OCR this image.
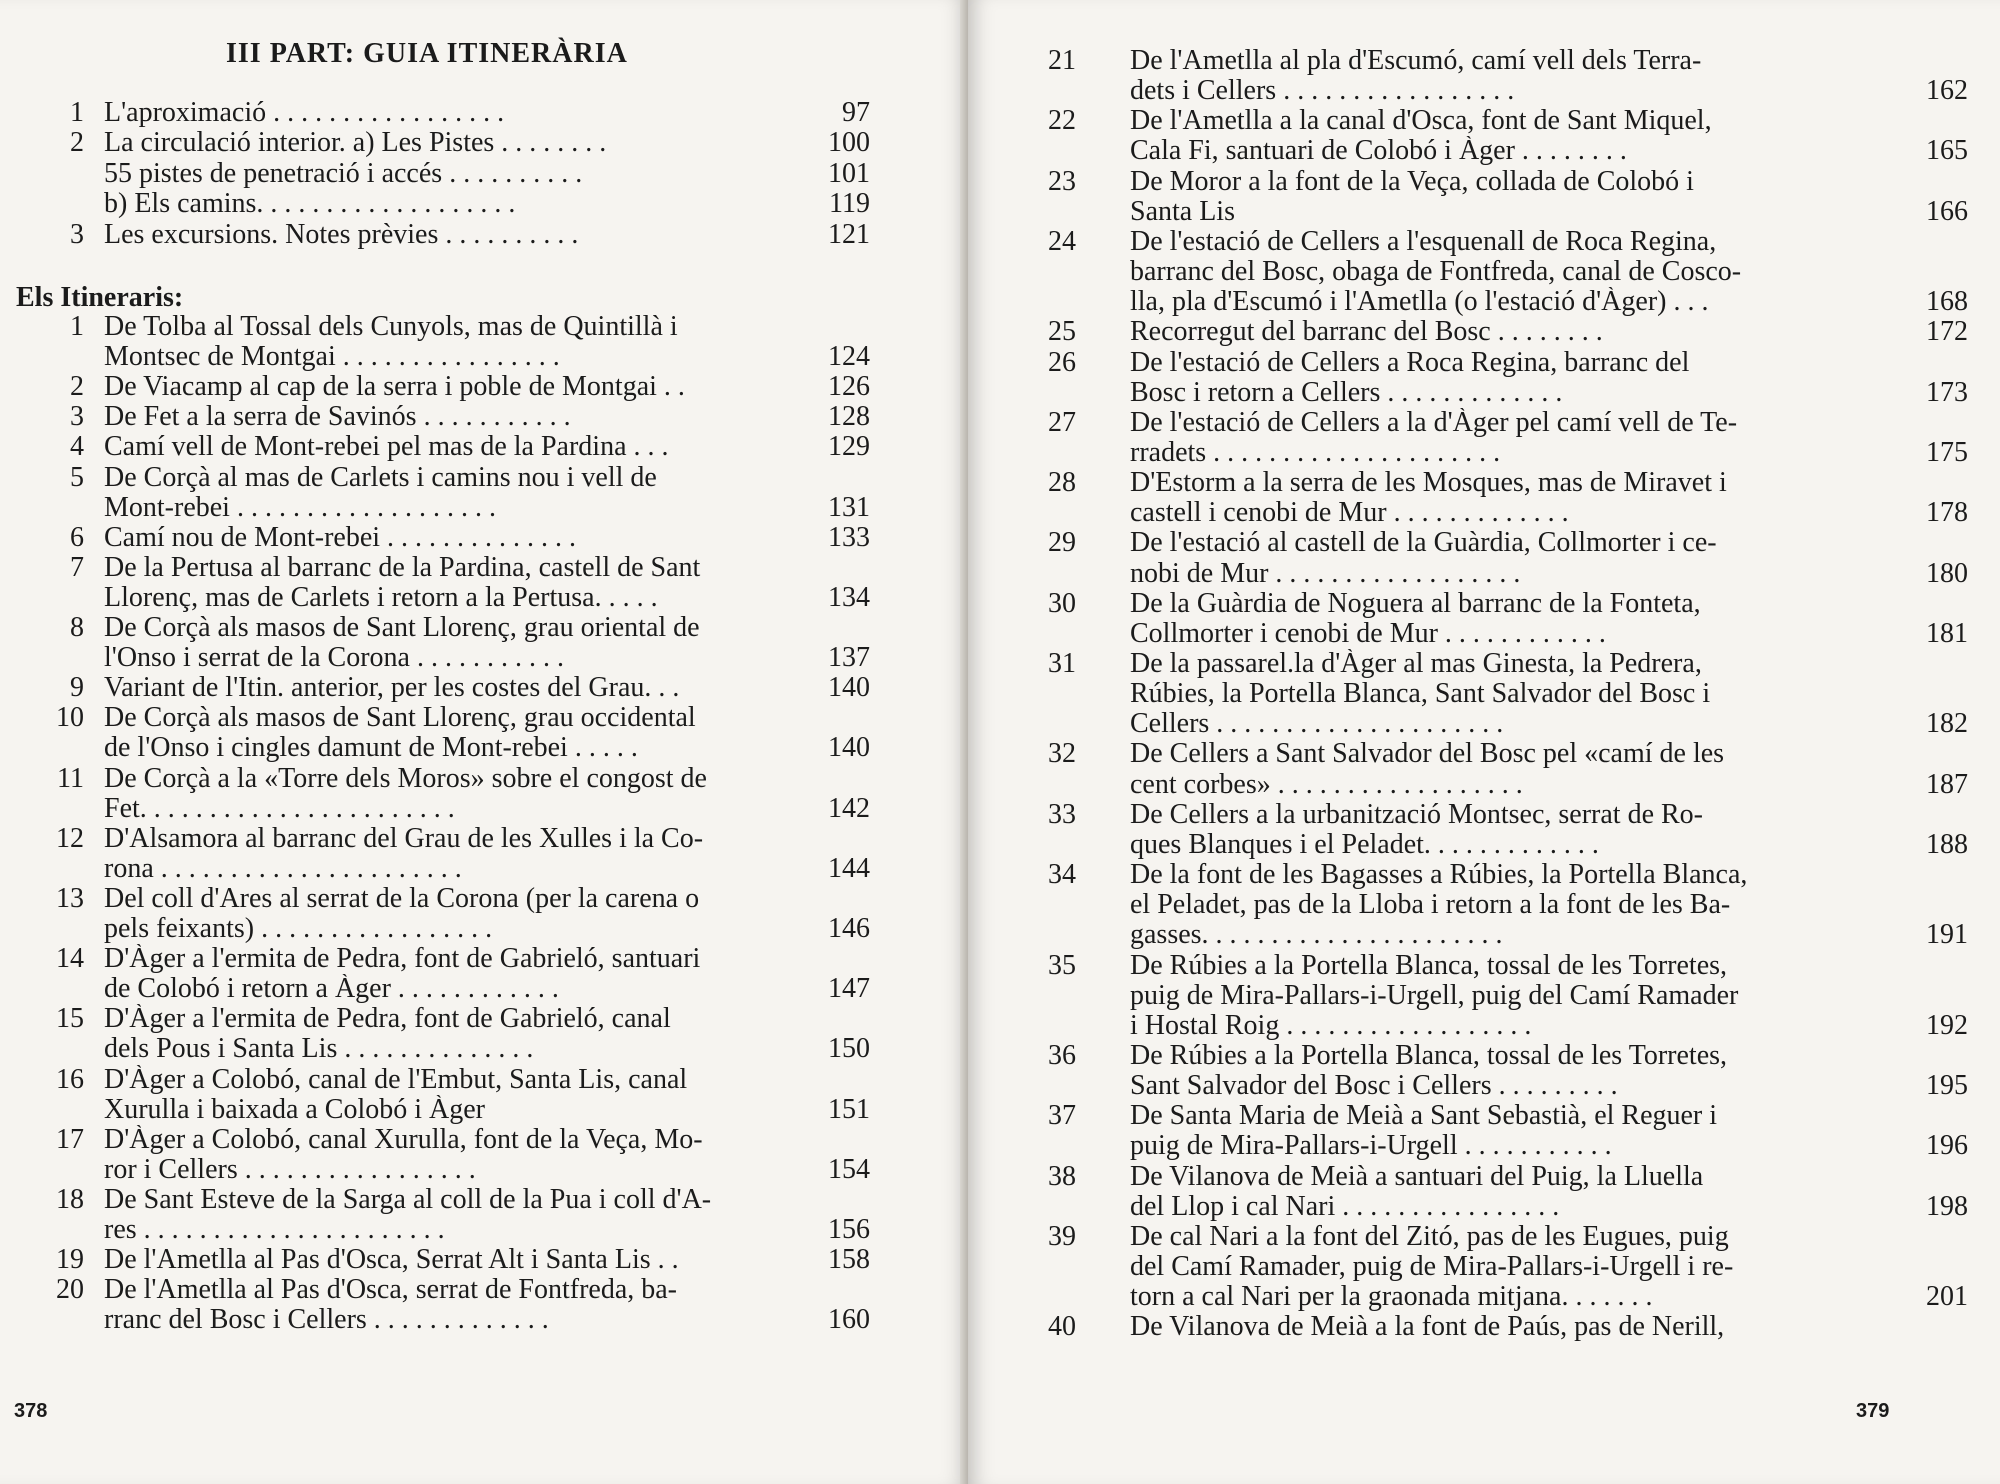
III PART: GUIA ITINERÀRIA
1 L'aproximació . . . . . . . . . . . . . . . . .	97
2 La circulació interior. a) Les Pistes . . . . . . . .	100
55 pistes de penetració i accés . . . . . . . . . .	101
b) Els camins. . . . . . . . . . . . . . . . . . .	119
3 Les excursions. Notes prèvies . . . . . . . . . .	121
Els Itineraris:
1 De Tolba al Tossal dels Cunyols, mas de Quintillà i
Montsec de Montgai . . . . . . . . . . . . . . . .	124
2 De Viacamp al cap de la serra i poble de Montgai . .	126
3 De Fet a la serra de Savinós . . . . . . . . . . .	128
4 Camí vell de Mont-rebei pel mas de la Pardina . . .	129
5 De Corçà al mas de Carlets i camins nou i vell de
Mont-rebei . . . . . . . . . . . . . . . . . . .	131
6 Camí nou de Mont-rebei . . . . . . . . . . . . . .	133
7 De la Pertusa al barranc de la Pardina, castell de Sant
Llorenç, mas de Carlets i retorn a la Pertusa. . . . .	134
8 De Corçà als masos de Sant Llorenç, grau oriental de
l'Onso i serrat de la Corona . . . . . . . . . . .	137
9 Variant de l'Itin. anterior, per les costes del Grau. . .	140
10 De Corçà als masos de Sant Llorenç, grau occidental
de l'Onso i cingles damunt de Mont-rebei . . . . .	140
11 De Corçà a la «Torre dels Moros» sobre el congost de
Fet. . . . . . . . . . . . . . . . . . . . . . .	142
12 D'Alsamora al barranc del Grau de les Xulles i la Co-
rona . . . . . . . . . . . . . . . . . . . . . .	144
13 Del coll d'Ares al serrat de la Corona (per la carena o
pels feixants) . . . . . . . . . . . . . . . . .	146
14 D'Àger a l'ermita de Pedra, font de Gabrieló, santuari
de Colobó i retorn a Àger . . . . . . . . . . . .	147
15 D'Àger a l'ermita de Pedra, font de Gabrieló, canal
dels Pous i Santa Lis . . . . . . . . . . . . . .	150
16 D'Àger a Colobó, canal de l'Embut, Santa Lis, canal
Xurulla i baixada a Colobó i Àger	151
17 D'Àger a Colobó, canal Xurulla, font de la Veça, Mo-
ror i Cellers . . . . . . . . . . . . . . . . .	154
18 De Sant Esteve de la Sarga al coll de la Pua i coll d'A-
res . . . . . . . . . . . . . . . . . . . . . .	156
19 De l'Ametlla al Pas d'Osca, Serrat Alt i Santa Lis . .	158
20 De l'Ametlla al Pas d'Osca, serrat de Fontfreda, ba-
rranc del Bosc i Cellers . . . . . . . . . . . . .	160
378
21 De l'Ametlla al pla d'Escumó, camí vell dels Terra-
dets i Cellers . . . . . . . . . . . . . . . . .	162
22 De l'Ametlla a la canal d'Osca, font de Sant Miquel,
Cala Fi, santuari de Colobó i Àger . . . . . . . .	165
23 De Moror a la font de la Veça, collada de Colobó i
Santa Lis	166
24 De l'estació de Cellers a l'esquenall de Roca Regina,
barranc del Bosc, obaga de Fontfreda, canal de Cosco-
lla, pla d'Escumó i l'Ametlla (o l'estació d'Àger) . . .	168
25 Recorregut del barranc del Bosc . . . . . . . .	172
26 De l'estació de Cellers a Roca Regina, barranc del
Bosc i retorn a Cellers . . . . . . . . . . . . .	173
27 De l'estació de Cellers a la d'Àger pel camí vell de Te-
rradets . . . . . . . . . . . . . . . . . . . . .	175
28 D'Estorm a la serra de les Mosques, mas de Miravet i
castell i cenobi de Mur . . . . . . . . . . . . .	178
29 De l'estació al castell de la Guàrdia, Collmorter i ce-
nobi de Mur . . . . . . . . . . . . . . . . . .	180
30 De la Guàrdia de Noguera al barranc de la Fonteta,
Collmorter i cenobi de Mur . . . . . . . . . . . .	181
31 De la passarel.la d'Àger al mas Ginesta, la Pedrera,
Rúbies, la Portella Blanca, Sant Salvador del Bosc i
Cellers . . . . . . . . . . . . . . . . . . . . .	182
32 De Cellers a Sant Salvador del Bosc pel «camí de les
cent corbes» . . . . . . . . . . . . . . . . . .	187
33 De Cellers a la urbanització Montsec, serrat de Ro-
ques Blanques i el Peladet. . . . . . . . . . . . .	188
34 De la font de les Bagasses a Rúbies, la Portella Blanca,
el Peladet, pas de la Lloba i retorn a la font de les Ba-
gasses. . . . . . . . . . . . . . . . . . . . . .	191
35 De Rúbies a la Portella Blanca, tossal de les Torretes,
puig de Mira-Pallars-i-Urgell, puig del Camí Ramader
i Hostal Roig . . . . . . . . . . . . . . . . . .	192
36 De Rúbies a la Portella Blanca, tossal de les Torretes,
Sant Salvador del Bosc i Cellers . . . . . . . . .	195
37 De Santa Maria de Meià a Sant Sebastià, el Reguer i
puig de Mira-Pallars-i-Urgell . . . . . . . . . . .	196
38 De Vilanova de Meià a santuari del Puig, la Lluella
del Llop i cal Nari . . . . . . . . . . . . . . . .	198
39 De cal Nari a la font del Zitó, pas de les Eugues, puig
del Camí Ramader, puig de Mira-Pallars-i-Urgell i re-
torn a cal Nari per la graonada mitjana. . . . . . .	201
40 De Vilanova de Meià a la font de Paús, pas de Nerill,
379
